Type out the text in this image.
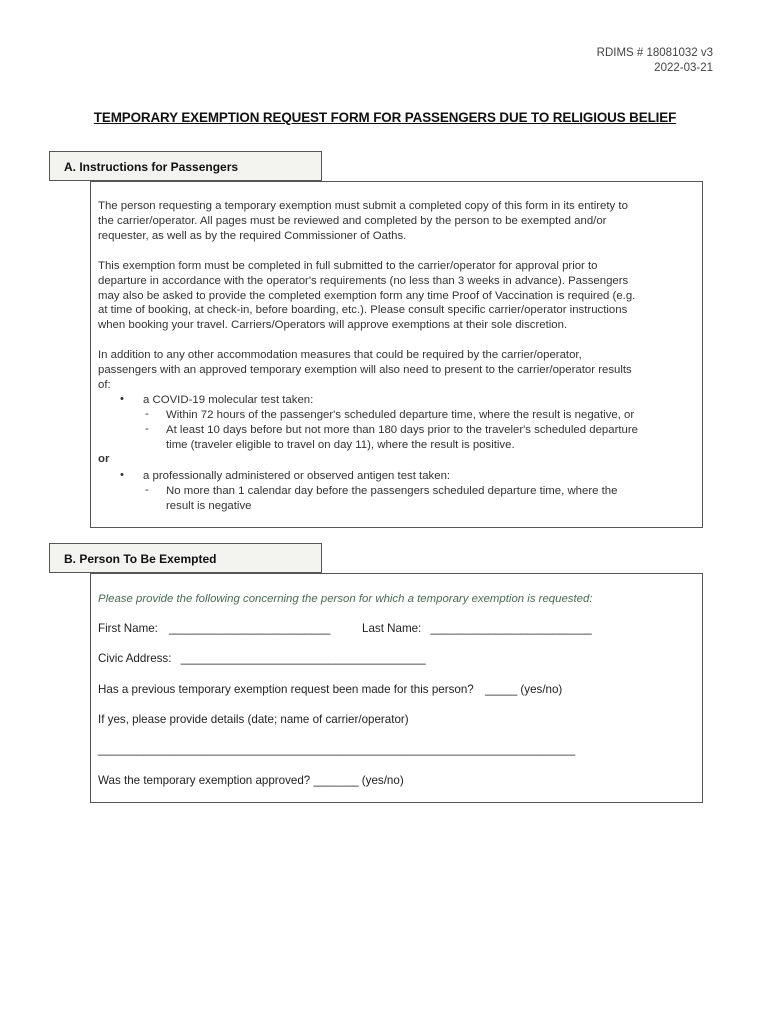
RDIMS # 18081032 v3
2022-03-21
TEMPORARY EXEMPTION REQUEST FORM FOR PASSENGERS DUE TO RELIGIOUS BELIEF
A. Instructions for Passengers
The person requesting a temporary exemption must submit a completed copy of this form in its entirety to
the carrier/operator. All pages must be reviewed and completed by the person to be exempted and/or
requester, as well as by the required Commissioner of Oaths.
This exemption form must be completed in full submitted to the carrier/operator for approval prior to
departure in accordance with the operator's requirements (no less than 3 weeks in advance). Passengers
may also be asked to provide the completed exemption form any time Proof of Vaccination is required (e.g.
at time of booking, at check-in, before boarding, etc.). Please consult specific carrier/operator instructions
when booking your travel. Carriers/Operators will approve exemptions at their sole discretion.
In addition to any other accommodation measures that could be required by the carrier/operator,
passengers with an approved temporary exemption will also need to present to the carrier/operator results
of:
• a COVID-19 molecular test taken:
- Within 72 hours of the passenger's scheduled departure time, where the result is negative, or
- At least 10 days before but not more than 180 days prior to the traveler's scheduled departure
time (traveler eligible to travel on day 11), where the result is positive.
or
• a professionally administered or observed antigen test taken:
- No more than 1 calendar day before the passengers scheduled departure time, where the
result is negative
B. Person To Be Exempted
Please provide the following concerning the person for which a temporary exemption is requested:
First Name: _________________________	Last Name: _________________________
Civic Address: ______________________________________
Has a previous temporary exemption request been made for this person? _____ (yes/no)
If yes, please provide details (date; name of carrier/operator)
__________________________________________________________________________
Was the temporary exemption approved? _______ (yes/no)
